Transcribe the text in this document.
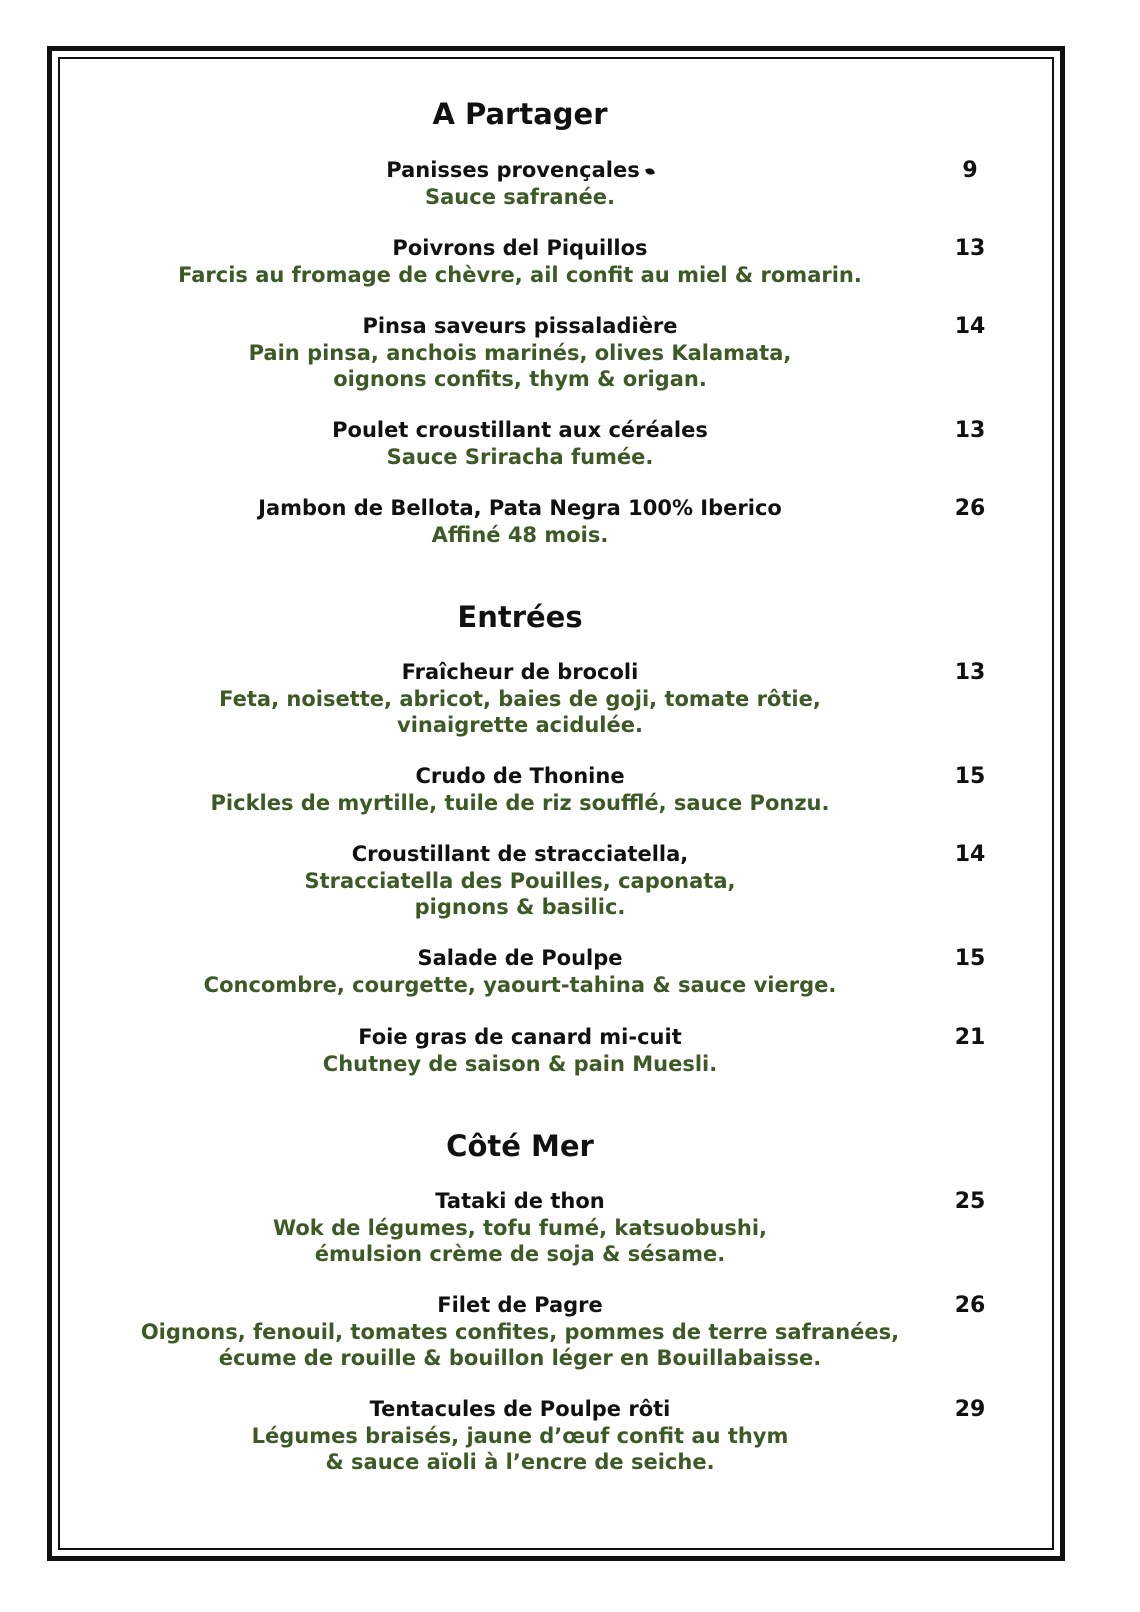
A Partager
Panisses provençales
Sauce safranée.
9
Poivrons del Piquillos
Farcis au fromage de chèvre, ail confit au miel & romarin.
13
Pinsa saveurs pissaladière
Pain pinsa, anchois marinés, olives Kalamata,
oignons confits, thym & origan.
14
Poulet croustillant aux céréales
Sauce Sriracha fumée.
13
Jambon de Bellota, Pata Negra 100% Iberico
Affiné 48 mois.
26
Entrées
Fraîcheur de brocoli
Feta, noisette, abricot, baies de goji, tomate rôtie,
vinaigrette acidulée.
13
Crudo de Thonine
Pickles de myrtille, tuile de riz soufflé, sauce Ponzu.
15
Croustillant de stracciatella,
Stracciatella des Pouilles, caponata,
pignons & basilic.
14
Salade de Poulpe
Concombre, courgette, yaourt-tahina & sauce vierge.
15
Foie gras de canard mi-cuit
Chutney de saison & pain Muesli.
21
Côté Mer
Tataki de thon
Wok de légumes, tofu fumé, katsuobushi,
émulsion crème de soja & sésame.
25
Filet de Pagre
Oignons, fenouil, tomates confites, pommes de terre safranées,
écume de rouille & bouillon léger en Bouillabaisse.
26
Tentacules de Poulpe rôti
Légumes braisés, jaune d’œuf confit au thym
& sauce aïoli à l’encre de seiche.
29
